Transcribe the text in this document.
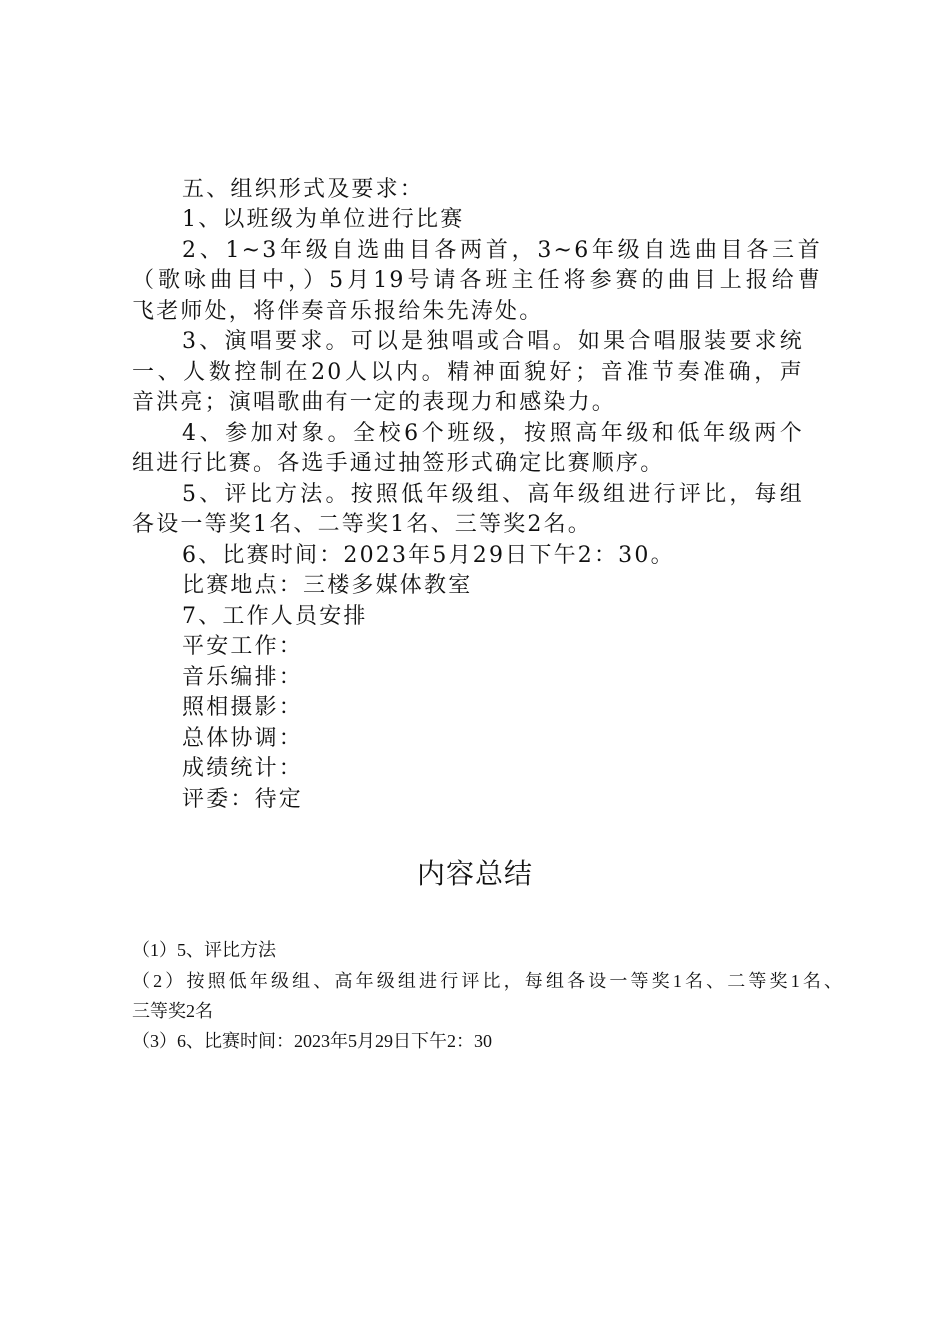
五、组织形式及要求：
1、以班级为单位进行比赛
2、1~3年级自选曲目各两首，3~6年级自选曲目各三首
（歌咏曲目中，）5月19号请各班主任将参赛的曲目上报给曹
飞老师处，将伴奏音乐报给朱先涛处。
3、演唱要求。可以是独唱或合唱。如果合唱服装要求统
一、人数控制在20人以内。精神面貌好；音准节奏准确，声
音洪亮；演唱歌曲有一定的表现力和感染力。
4、参加对象。全校6个班级，按照高年级和低年级两个
组进行比赛。各选手通过抽签形式确定比赛顺序。
5、评比方法。按照低年级组、高年级组进行评比，每组
各设一等奖1名、二等奖1名、三等奖2名。
6、比赛时间：2023年5月29日下午2：30。
比赛地点：三楼多媒体教室
7、工作人员安排
平安工作：
音乐编排：
照相摄影：
总体协调：
成绩统计：
评委：待定
内容总结
（1）5、评比方法
（2）按照低年级组、高年级组进行评比，每组各设一等奖1名、二等奖1名、
三等奖2名
（3）6、比赛时间：2023年5月29日下午2：30
